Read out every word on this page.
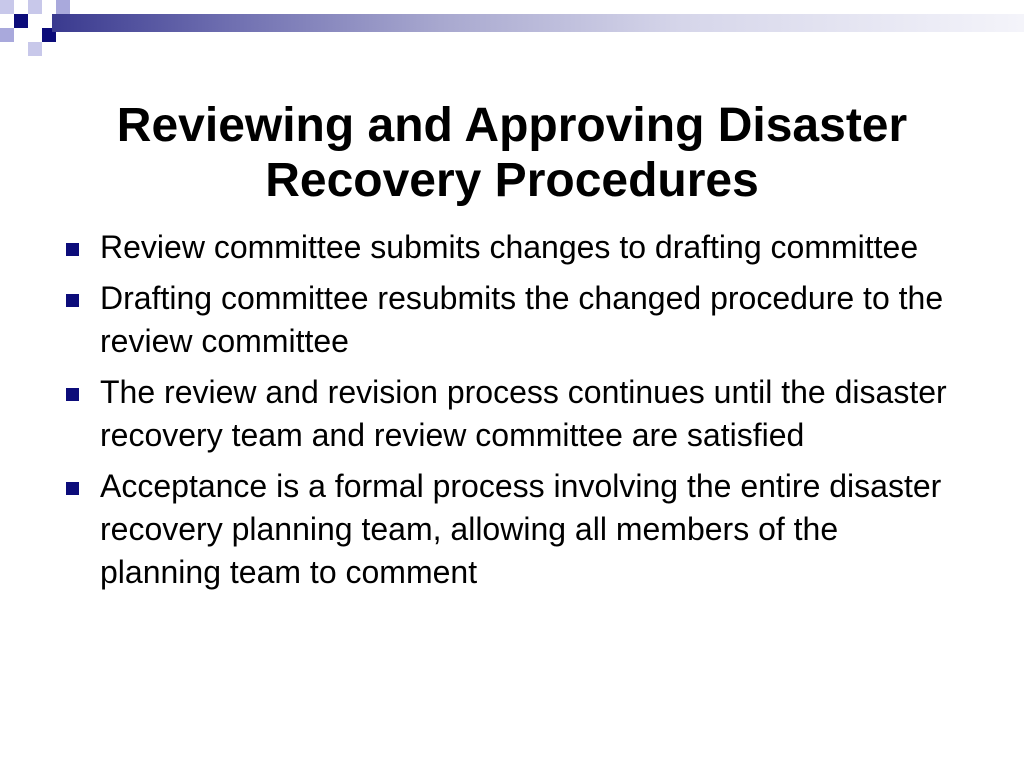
Reviewing and Approving Disaster Recovery Procedures
Review committee submits changes to drafting committee
Drafting committee resubmits the changed procedure to the review committee
The review and revision process continues until the disaster recovery team and review committee are satisfied
Acceptance is a formal process involving the entire disaster recovery planning team, allowing all members of the planning team to comment
